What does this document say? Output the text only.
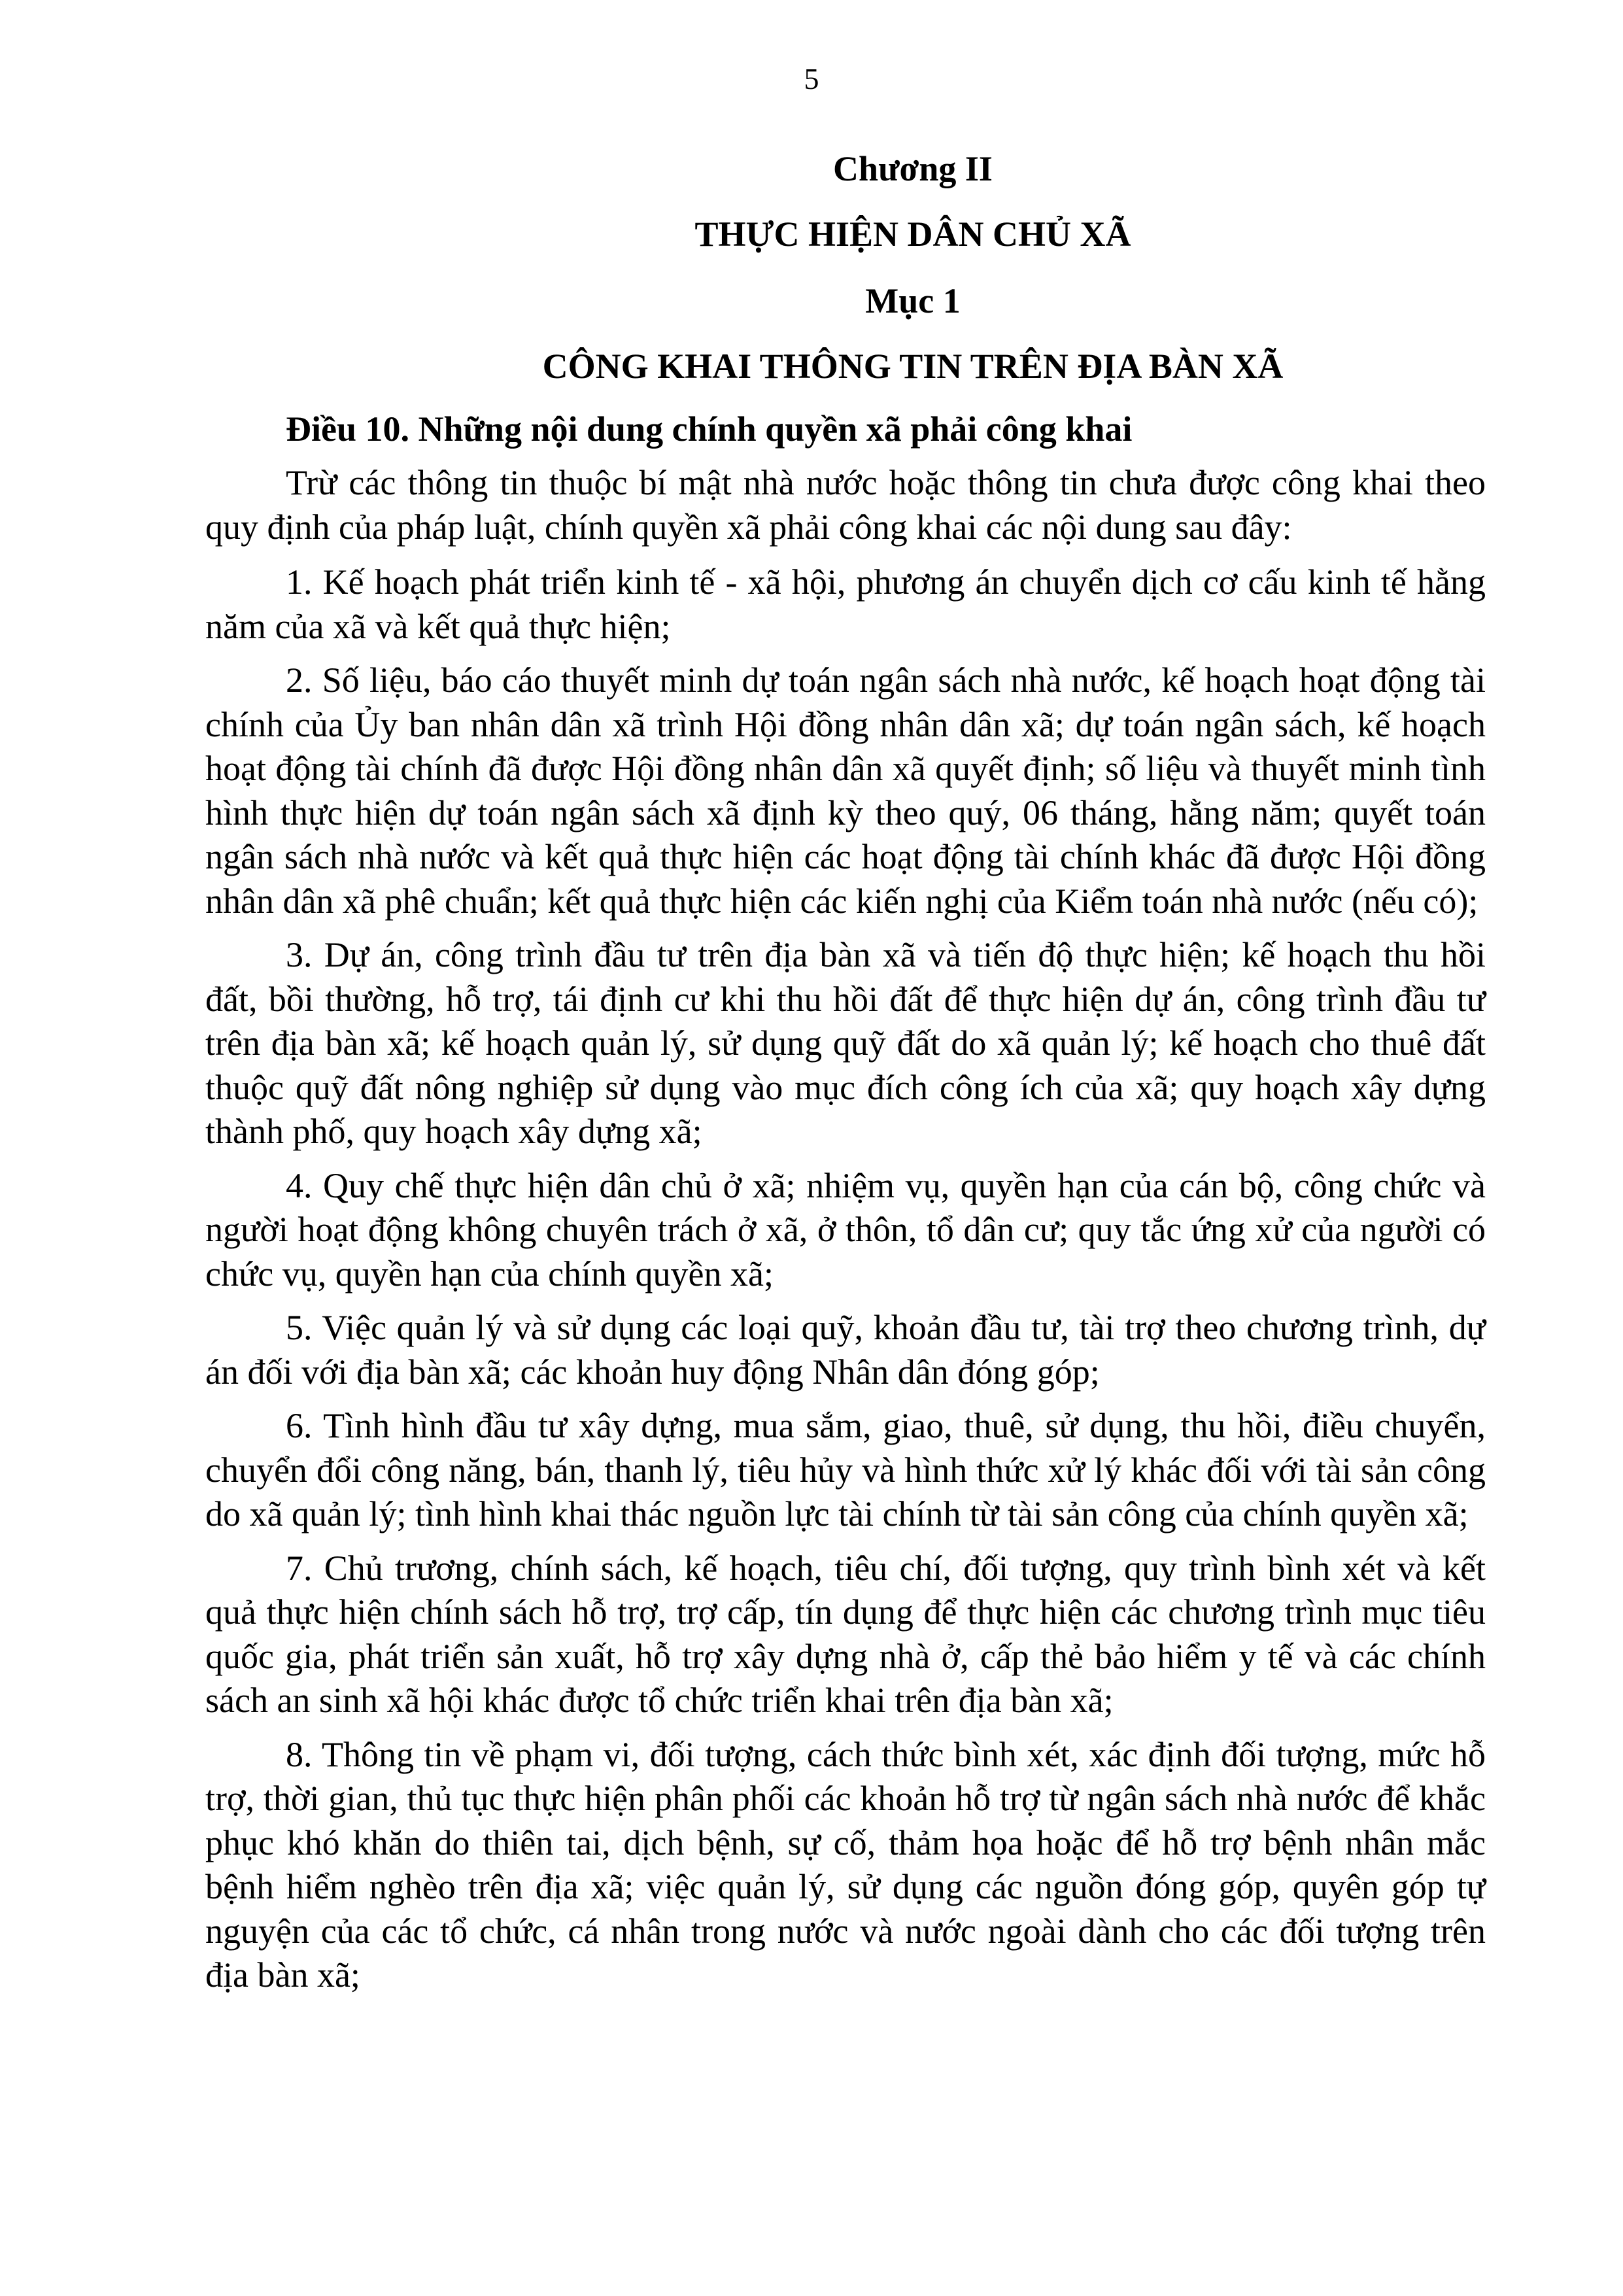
5
Chương II
THỰC HIỆN DÂN CHỦ XÃ
Mục 1
CÔNG KHAI THÔNG TIN TRÊN ĐỊA BÀN XÃ
Điều 10. Những nội dung chính quyền xã phải công khai

Trừ các thông tin thuộc bí mật nhà nước hoặc thông tin chưa được công khai theo quy định của pháp luật, chính quyền xã phải công khai các nội dung sau đây:

1. Kế hoạch phát triển kinh tế - xã hội, phương án chuyển dịch cơ cấu kinh tế hằng năm của xã và kết quả thực hiện;

2. Số liệu, báo cáo thuyết minh dự toán ngân sách nhà nước, kế hoạch hoạt động tài chính của Ủy ban nhân dân xã trình Hội đồng nhân dân xã; dự toán ngân sách, kế hoạch hoạt động tài chính đã được Hội đồng nhân dân xã quyết định; số liệu và thuyết minh tình hình thực hiện dự toán ngân sách xã định kỳ theo quý, 06 tháng, hằng năm; quyết toán ngân sách nhà nước và kết quả thực hiện các hoạt động tài chính khác đã được Hội đồng nhân dân xã phê chuẩn; kết quả thực hiện các kiến nghị của Kiểm toán nhà nước (nếu có);

3. Dự án, công trình đầu tư trên địa bàn xã và tiến độ thực hiện; kế hoạch thu hồi đất, bồi thường, hỗ trợ, tái định cư khi thu hồi đất để thực hiện dự án, công trình đầu tư trên địa bàn xã; kế hoạch quản lý, sử dụng quỹ đất do xã quản lý; kế hoạch cho thuê đất thuộc quỹ đất nông nghiệp sử dụng vào mục đích công ích của xã; quy hoạch xây dựng thành phố, quy hoạch xây dựng xã;

4. Quy chế thực hiện dân chủ ở xã; nhiệm vụ, quyền hạn của cán bộ, công chức và người hoạt động không chuyên trách ở xã, ở thôn, tổ dân cư; quy tắc ứng xử của người có chức vụ, quyền hạn của chính quyền xã;

5. Việc quản lý và sử dụng các loại quỹ, khoản đầu tư, tài trợ theo chương trình, dự án đối với địa bàn xã; các khoản huy động Nhân dân đóng góp;

6. Tình hình đầu tư xây dựng, mua sắm, giao, thuê, sử dụng, thu hồi, điều chuyển, chuyển đổi công năng, bán, thanh lý, tiêu hủy và hình thức xử lý khác đối với tài sản công do xã quản lý; tình hình khai thác nguồn lực tài chính từ tài sản công của chính quyền xã;

7. Chủ trương, chính sách, kế hoạch, tiêu chí, đối tượng, quy trình bình xét và kết quả thực hiện chính sách hỗ trợ, trợ cấp, tín dụng để thực hiện các chương trình mục tiêu quốc gia, phát triển sản xuất, hỗ trợ xây dựng nhà ở, cấp thẻ bảo hiểm y tế và các chính sách an sinh xã hội khác được tổ chức triển khai trên địa bàn xã;

8. Thông tin về phạm vi, đối tượng, cách thức bình xét, xác định đối tượng, mức hỗ trợ, thời gian, thủ tục thực hiện phân phối các khoản hỗ trợ từ ngân sách nhà nước để khắc phục khó khăn do thiên tai, dịch bệnh, sự cố, thảm họa hoặc để hỗ trợ bệnh nhân mắc bệnh hiểm nghèo trên địa xã; việc quản lý, sử dụng các nguồn đóng góp, quyên góp tự nguyện của các tổ chức, cá nhân trong nước và nước ngoài dành cho các đối tượng trên địa bàn xã;
